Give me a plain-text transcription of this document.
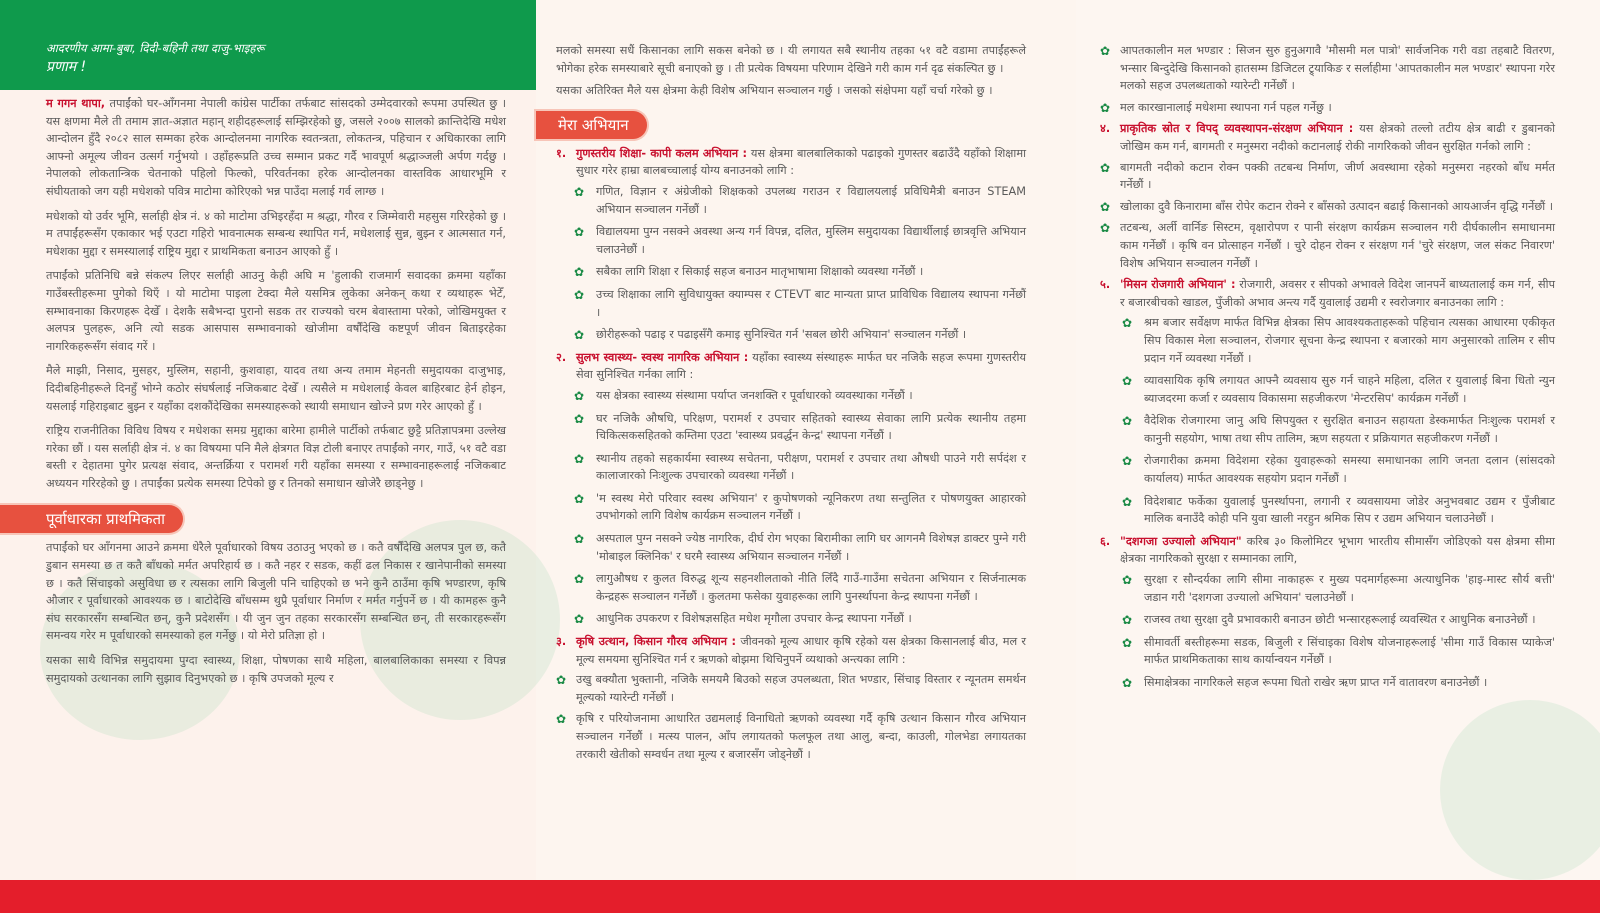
आदरणीय आमा-बुबा, दिदी-बहिनी तथा दाजु-भाइहरू

प्रणाम !

म गगन थापा, तपाईंको घर-आँगनमा नेपाली कांग्रेस पार्टीका तर्फबाट सांसदको उम्मेदवारको रूपमा उपस्थित छु । यस क्षणमा मैले ती तमाम ज्ञात-अज्ञात महान् शहीदहरूलाई सम्झिरहेको छु, जसले २००७ सालको क्रान्तिदेखि मधेश आन्दोलन हुँदै २०८२ साल सम्मका हरेक आन्दोलनमा नागरिक स्वतन्त्रता, लोकतन्त्र, पहिचान र अधिकारका लागि आफ्नो अमूल्य जीवन उत्सर्ग गर्नुभयो । उहाँहरूप्रति उच्च सम्मान प्रकट गर्दै भावपूर्ण श्रद्धाञ्जली अर्पण गर्दछु । नेपालको लोकतान्त्रिक चेतनाको पहिलो फिल्को, परिवर्तनका हरेक आन्दोलनका वास्तविक आधारभूमि र संघीयताको जग यही मधेशको पवित्र माटोमा कोरिएको भन्न पाउँदा मलाई गर्व लाग्छ ।

मधेशको यो उर्वर भूमि, सर्लाही क्षेत्र नं. ४ को माटोमा उभिइरहँदा म श्रद्धा, गौरव र जिम्मेवारी महसुस गरिरहेको छु । म तपाईंहरूसँग एकाकार भई एउटा गहिरो भावनात्मक सम्बन्ध स्थापित गर्न, मधेशलाई सुन्न, बुझ्न र आत्मसात गर्न, मधेशका मुद्दा र समस्यालाई राष्ट्रिय मुद्दा र प्राथमिकता बनाउन आएको हुँ ।

तपाईंको प्रतिनिधि बन्ने संकल्प लिएर सर्लाही आउनु केही अघि म 'हुलाकी राजमार्ग सवादका क्रममा यहाँका गाउँबस्तीहरूमा पुगेको थिएँ । यो माटोमा पाइला टेक्दा मैले यसमित्र लुकेका अनेकन् कथा र व्यथाहरू भेटेँ, सम्भावनाका किरणहरू देखेँ । देशकै सबैभन्दा पुरानो सडक तर राज्यको चरम बेवास्तामा परेको, जोखिमयुक्त र अलपत्र पुलहरू, अनि त्यो सडक आसपास सम्भावनाको खोजीमा वर्षौंदेखि कष्टपूर्ण जीवन बिताइरहेका नागरिकहरूसँग संवाद गरें ।

मैले माझी, निसाद, मुसहर, मुस्लिम, सहानी, कुशवाहा, यादव तथा अन्य तमाम मेहनती समुदायका दाजुभाइ, दिदीबहिनीहरूले दिनहुँ भोग्ने कठोर संघर्षलाई नजिकबाट देखेँ । त्यसैले म मधेशलाई केवल बाहिरबाट हेर्न होइन, यसलाई गहिराइबाट बुझ्न र यहाँका दशकौंदेखिका समस्याहरूको स्थायी समाधान खोज्ने प्रण गरेर आएको हुँ ।

राष्ट्रिय राजनीतिका विविध विषय र मधेशका समग्र मुद्दाका बारेमा हामीले पार्टीको तर्फबाट छुट्टै प्रतिज्ञापत्रमा उल्लेख गरेका छौं । यस सर्लाही क्षेत्र नं. ४ का विषयमा पनि मैले क्षेत्रगत विज्ञ टोली बनाएर तपाईंको नगर, गाउँ, ५१ वटै वडा बस्ती र देहातमा पुगेर प्रत्यक्ष संवाद, अन्तर्क्रिया र परामर्श गरी यहाँका समस्या र सम्भावनाहरूलाई नजिकबाट अध्ययन गरिरहेको छु । तपाईंका प्रत्येक समस्या टिपेको छु र तिनको समाधान खोजेरै छाड्नेछु ।

पूर्वाधारका प्राथमिकता

तपाईंको घर आँगनमा आउने क्रममा धेरैले पूर्वाधारको विषय उठाउनु भएको छ । कतै वर्षौंदेखि अलपत्र पुल छ, कतै डुबान समस्या छ त कतै बाँधको मर्मत अपरिहार्य छ । कतै नहर र सडक, कहीं ढल निकास र खानेपानीको समस्या छ । कतै सिंचाइको असुविधा छ र त्यसका लागि बिजुली पनि चाहिएको छ भने कुनै ठाउँमा कृषि भण्डारण, कृषि औजार र पूर्वाधारको आवश्यक छ । बाटोदेखि बाँधसम्म थुप्रै पूर्वाधार निर्माण र मर्मत गर्नुपर्ने छ । यी कामहरू कुनै संघ सरकारसँग सम्बन्धित छन्, कुनै प्रदेशसँग । यी जुन जुन तहका सरकारसँग सम्बन्धित छन्, ती सरकारहरूसँग समन्वय गरेर म पूर्वाधारको समस्याको हल गर्नेछु । यो मेरो प्रतिज्ञा हो ।

यसका साथै विभिन्न समुदायमा पुग्दा स्वास्थ्य, शिक्षा, पोषणका साथै महिला, बालबालिकाका समस्या र विपन्न समुदायको उत्थानका लागि सुझाव दिनुभएको छ । कृषि उपजको मूल्य र

मलको समस्या सधैं किसानका लागि सकस बनेको छ । यी लगायत सबै स्थानीय तहका ५१ वटै वडामा तपाईंहरूले भोगेका हरेक समस्याबारे सूची बनाएको छु । ती प्रत्येक विषयमा परिणाम देखिने गरी काम गर्न दृढ संकल्पित छु ।

यसका अतिरिक्त मैले यस क्षेत्रमा केही विशेष अभियान सञ्चालन गर्छु । जसको संक्षेपमा यहाँ चर्चा गरेको छु ।

मेरा अभियान
१. गुणस्तरीय शिक्षा- कापी कलम अभियान : यस क्षेत्रमा बालबालिकाको पढाइको गुणस्तर बढाउँदै यहाँको शिक्षामा सुधार गरेर हाम्रा बालबच्चालाई योग्य बनाउनको लागि :
✿ गणित, विज्ञान र अंग्रेजीको शिक्षकको उपलब्ध गराउन र विद्यालयलाई प्रविधिमैत्री बनाउन STEAM अभियान सञ्चालन गर्नेछौं ।
✿ विद्यालयमा पुग्न नसक्ने अवस्था अन्य गर्न विपन्न, दलित, मुस्लिम समुदायका विद्यार्थीलाई छात्रवृत्ति अभियान चलाउनेछौं ।
✿ सबैका लागि शिक्षा र सिकाई सहज बनाउन मातृभाषामा शिक्षाको व्यवस्था गर्नेछौं ।
✿ उच्च शिक्षाका लागि सुविधायुक्त क्याम्पस र CTEVT बाट मान्यता प्राप्त प्राविधिक विद्यालय स्थापना गर्नेछौं ।
✿ छोरीहरूको पढाइ र पढाइसँगै कमाइ सुनिश्चित गर्न 'सबल छोरी अभियान' सञ्चालन गर्नेछौं ।
२. सुलभ स्वास्थ्य- स्वस्थ नागरिक अभियान : यहाँका स्वास्थ्य संस्थाहरू मार्फत घर नजिकै सहज रूपमा गुणस्तरीय सेवा सुनिश्चित गर्नका लागि :
✿ यस क्षेत्रका स्वास्थ्य संस्थामा पर्याप्त जनशक्ति र पूर्वाधारको व्यवस्थाका गर्नेछौं ।
✿ घर नजिकै औषधि, परिक्षण, परामर्श र उपचार सहितको स्वास्थ्य सेवाका लागि प्रत्येक स्थानीय तहमा चिकित्सकसहितको कम्तिमा एउटा 'स्वास्थ्य प्रवर्द्धन केन्द्र' स्थापना गर्नेछौं ।
✿ स्थानीय तहको सहकार्यमा स्वास्थ्य सचेतना, परीक्षण, परामर्श र उपचार तथा औषधी पाउने गरी सर्पदंश र कालाजारको निःशुल्क उपचारको व्यवस्था गर्नेछौं ।
✿ 'म स्वस्थ मेरो परिवार स्वस्थ अभियान' र कुपोषणको न्यूनिकरण तथा सन्तुलित र पोषणयुक्त आहारको उपभोगको लागि विशेष कार्यक्रम सञ्चालन गर्नेछौं ।
✿ अस्पताल पुग्न नसक्ने ज्येष्ठ नागरिक, दीर्घ रोग भएका बिरामीका लागि घर आगनमै विशेषज्ञ डाक्टर पुग्ने गरी 'मोबाइल क्लिनिक' र घरमै स्वास्थ्य अभियान सञ्चालन गर्नेछौं ।
✿ लागुऔषध र कुलत विरुद्ध शून्य सहनशीलताको नीति लिँदै गाउँ-गाउँमा सचेतना अभियान र सिर्जनात्मक केन्द्रहरू सञ्चालन गर्नेछौं । कुलतमा फसेका युवाहरूका लागि पुनर्स्थापना केन्द्र स्थापना गर्नेछौं ।
✿ आधुनिक उपकरण र विशेषज्ञसहित मधेश मृगौला उपचार केन्द्र स्थापना गर्नेछौं ।
३. कृषि उत्थान, किसान गौरव अभियान : जीवनको मूल्य आधार कृषि रहेको यस क्षेत्रका किसानलाई बीउ, मल र मूल्य समयमा सुनिश्चित गर्न र ऋणको बोझमा थिचिनुपर्ने व्यथाको अन्त्यका लागि :
✿ उखु बक्यौता भुक्तानी, नजिकै समयमै बिउको सहज उपलब्धता, शित भण्डार, सिंचाइ विस्तार र न्यूनतम समर्थन मूल्यको ग्यारेन्टी गर्नेछौं ।
✿ कृषि र परियोजनामा आधारित उद्यमलाई विनाधितो ऋणको व्यवस्था गर्दै कृषि उत्थान किसान गौरव अभियान सञ्चालन गर्नेछौं । मत्स्य पालन, आँप लगायतको फलफूल तथा आलु, बन्दा, काउली, गोलभेडा लगायतका तरकारी खेतीको सम्वर्धन तथा मूल्य र बजारसँग जोड्नेछौं ।
✿ आपतकालीन मल भण्डार : सिजन सुरु हुनुअगावै 'मौसमी मल पात्रो' सार्वजनिक गरी वडा तहबाटै वितरण, भन्सार बिन्दुदेखि किसानको हातसम्म डिजिटल ट्र्याकिङ र सर्लाहीमा 'आपतकालीन मल भण्डार' स्थापना गरेर मलको सहज उपलब्धताको ग्यारेन्टी गर्नेछौं ।
✿ मल कारखानालाई मधेशमा स्थापना गर्न पहल गर्नेछु ।
४. प्राकृतिक स्रोत र विपद् व्यवस्थापन-संरक्षण अभियान : यस क्षेत्रको तल्लो तटीय क्षेत्र बाढी र डुबानको जोखिम कम गर्न, बागमती र मनुस्मरा नदीको कटानलाई रोकी नागरिकको जीवन सुरक्षित गर्नको लागि :
✿ बागमती नदीको कटान रोक्न पक्की तटबन्ध निर्माण, जीर्ण अवस्थामा रहेको मनुस्मरा नहरको बाँध मर्मत गर्नेछौं ।
✿ खोलाका दुवै किनारामा बाँस रोपेर कटान रोक्ने र बाँसको उत्पादन बढाई किसानको आयआर्जन वृद्धि गर्नेछौं ।
✿ तटबन्ध, अर्ली वार्निङ सिस्टम, वृक्षारोपण र पानी संरक्षण कार्यक्रम सञ्चालन गरी दीर्घकालीन समाधानमा काम गर्नेछौं । कृषि वन प्रोत्साहन गर्नेछौं । चुरे दोहन रोक्न र संरक्षण गर्न 'चुरे संरक्षण, जल संकट निवारण' विशेष अभियान सञ्चालन गर्नेछौं ।
५. 'मिसन रोजगारी अभियान' : रोजगारी, अवसर र सीपको अभावले विदेश जानपर्ने बाध्यतालाई कम गर्न, सीप र बजारबीचको खाडल, पुँजीको अभाव अन्त्य गर्दै युवालाई उद्यमी र स्वरोजगार बनाउनका लागि :
✿ श्रम बजार सर्वेक्षण मार्फत विभिन्न क्षेत्रका सिप आवश्यकताहरूको पहिचान त्यसका आधारमा एकीकृत सिप विकास मेला सञ्चालन, रोजगार सूचना केन्द्र स्थापना र बजारको माग अनुसारको तालिम र सीप प्रदान गर्ने व्यवस्था गर्नेछौं ।
✿ व्यावसायिक कृषि लगायत आफ्नै व्यवसाय सुरु गर्न चाहने महिला, दलित र युवालाई बिना धितो न्युन ब्याजदरमा कर्जा र व्यवसाय विकासमा सहजीकरण 'मेन्टरसिप' कार्यक्रम गर्नेछौं ।
✿ वैदेशिक रोजगारमा जानु अघि सिपयुक्त र सुरक्षित बनाउन सहायता डेस्कमार्फत निःशुल्क परामर्श र कानुनी सहयोग, भाषा तथा सीप तालिम, ऋण सहयता र प्रक्रियागत सहजीकरण गर्नेछौं ।
✿ रोजगारीका क्रममा विदेशमा रहेका युवाहरूको समस्या समाधानका लागि जनता दलान (सांसदको कार्यालय) मार्फत आवश्यक सहयोग प्रदान गर्नेछौं ।
✿ विदेशबाट फर्केका युवालाई पुनर्स्थापना, लगानी र व्यवसायमा जोडेर अनुभवबाट उद्यम र पुँजीबाट मालिक बनाउँदै कोही पनि युवा खाली नरहुन श्रमिक सिप र उद्यम अभियान चलाउनेछौं ।
६. "दशगजा उज्यालो अभियान" करिब ३० किलोमिटर भूभाग भारतीय सीमासँग जोडिएको यस क्षेत्रमा सीमा क्षेत्रका नागरिकको सुरक्षा र सम्मानका लागि,
✿ सुरक्षा र सौन्दर्यका लागि सीमा नाकाहरू र मुख्य पदमार्गहरूमा अत्याधुनिक 'हाइ-मास्ट सौर्य बत्ती' जडान गरी 'दशगजा उज्यालो अभियान' चलाउनेछौं ।
✿ राजस्व तथा सुरक्षा दुवै प्रभावकारी बनाउन छोटी भन्सारहरूलाई व्यवस्थित र आधुनिक बनाउनेछौं ।
✿ सीमावर्ती बस्तीहरूमा सडक, बिजुली र सिंचाइका विशेष योजनाहरूलाई 'सीमा गाउँ विकास प्याकेज' मार्फत प्राथमिकताका साथ कार्यान्वयन गर्नेछौं ।
✿ सिमाक्षेत्रका नागरिकले सहज रूपमा धितो राखेर ऋण प्राप्त गर्ने वातावरण बनाउनेछौं ।
